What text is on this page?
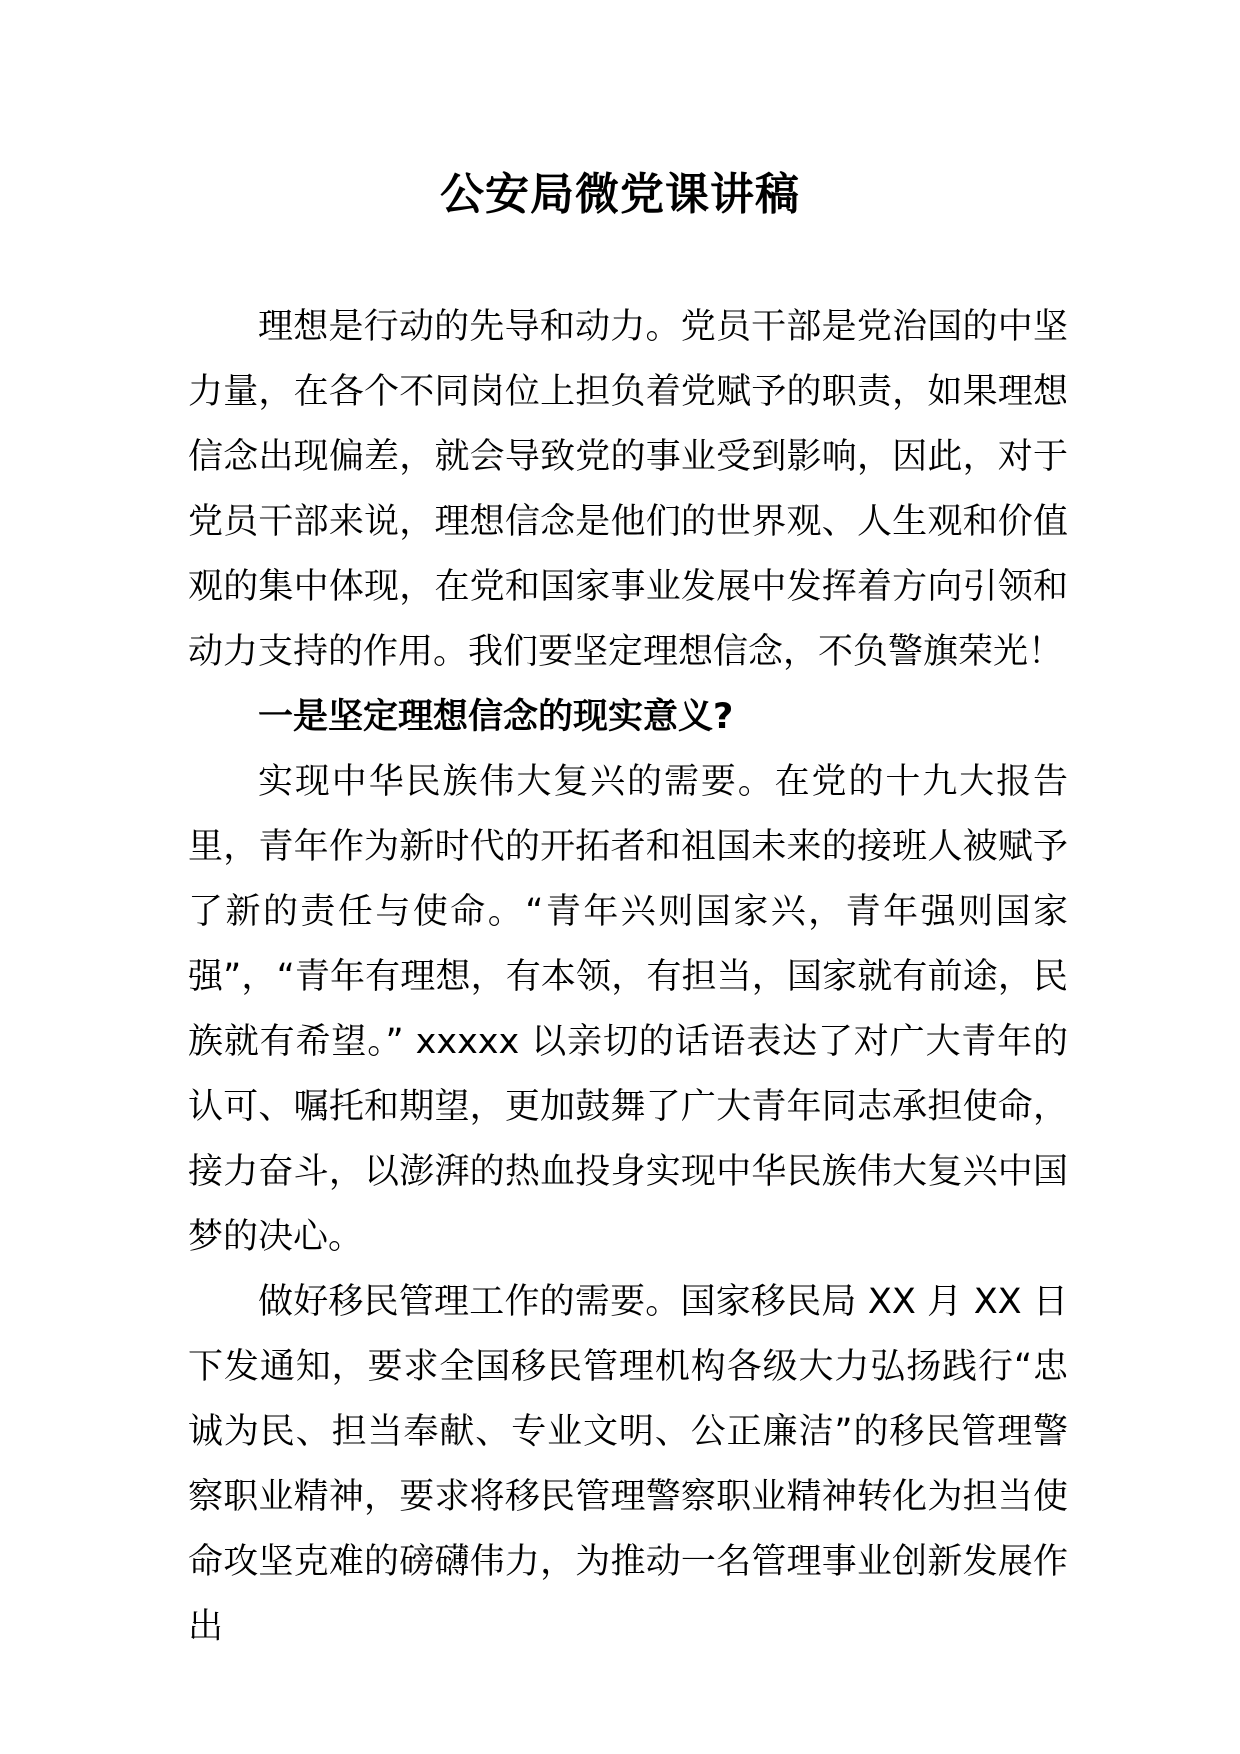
公安局微党课讲稿

理想是行动的先导和动力。党员干部是党治国的中坚力量，在各个不同岗位上担负着党赋予的职责，如果理想信念出现偏差，就会导致党的事业受到影响，因此，对于党员干部来说，理想信念是他们的世界观、人生观和价值观的集中体现，在党和国家事业发展中发挥着方向引领和动力支持的作用。我们要坚定理想信念，不负警旗荣光！

一是坚定理想信念的现实意义?

实现中华民族伟大复兴的需要。在党的十九大报告里，青年作为新时代的开拓者和祖国未来的接班人被赋予了新的责任与使命。“青年兴则国家兴，青年强则国家强”，“青年有理想，有本领，有担当，国家就有前途，民族就有希望。” xxxxx 以亲切的话语表达了对广大青年的认可、嘱托和期望，更加鼓舞了广大青年同志承担使命，接力奋斗，以澎湃的热血投身实现中华民族伟大复兴中国梦的决心。

做好移民管理工作的需要。国家移民局 XX 月 XX 日下发通知，要求全国移民管理机构各级大力弘扬践行“忠诚为民、担当奉献、专业文明、公正廉洁”的移民管理警察职业精神，要求将移民管理警察职业精神转化为担当使命攻坚克难的磅礴伟力，为推动一名管理事业创新发展作出
